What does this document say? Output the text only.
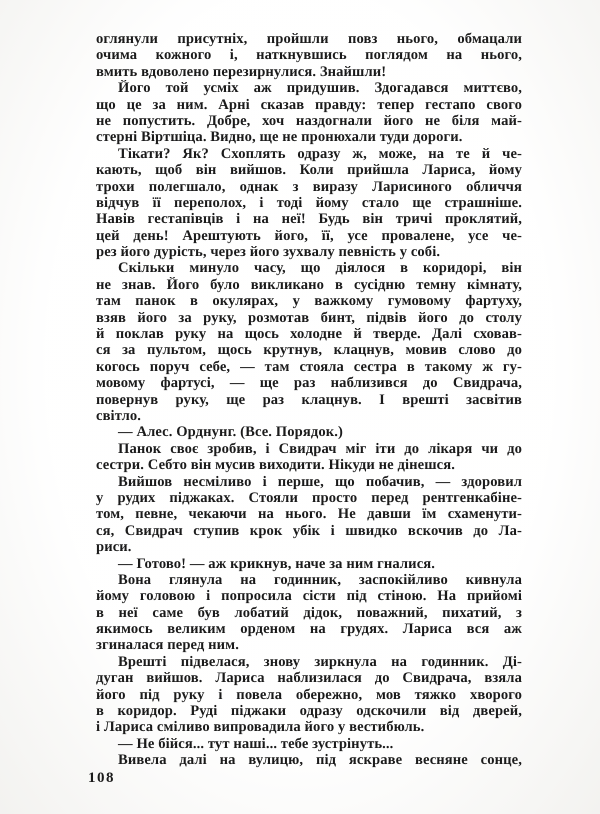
оглянули присутніх, пройшли повз нього, обмацали
очима кожного і, наткнувшись поглядом на нього,
вмить вдоволено перезирнулися. Знайшли!
Його той усміх аж придушив. Здогадався миттєво,
що це за ним. Арні сказав правду: тепер гестапо свого
не попустить. Добре, хоч наздогнали його не біля май-
стерні Віртшіца. Видно, ще не пронюхали туди дороги.
Тікати? Як? Схоплять одразу ж, може, на те й че-
кають, щоб він вийшов. Коли прийшла Лариса, йому
трохи полегшало, однак з виразу Ларисиного обличчя
відчув її переполох, і тоді йому стало ще страшніше.
Навів гестапівців і на неї! Будь він тричі проклятий,
цей день! Арештують його, її, усе провалене, усе че-
рез його дурість, через його зухвалу певність у собі.
Скільки минуло часу, що діялося в коридорі, він
не знав. Його було викликано в сусідню темну кімнату,
там панок в окулярах, у важкому гумовому фартуху,
взяв його за руку, розмотав бинт, підвів його до столу
й поклав руку на щось холодне й тверде. Далі сховав-
ся за пультом, щось крутнув, клацнув, мовив слово до
когось поруч себе, — там стояла сестра в такому ж гу-
мовому фартусі, — ще раз наблизився до Свидрача,
повернув руку, ще раз клацнув. І врешті засвітив
світло.
— Алес. Орднунг. (Все. Порядок.)
Панок своє зробив, і Свидрач міг іти до лікаря чи до
сестри. Себто він мусив виходити. Нікуди не дінешся.
Вийшов несміливо і перше, що побачив, — здоровил
у рудих піджаках. Стояли просто перед рентгенкабіне-
том, певне, чекаючи на нього. Не давши їм схаменути-
ся, Свидрач ступив крок убік і швидко вскочив до Ла-
риси.
— Готово! — аж крикнув, наче за ним гналися.
Вона глянула на годинник, заспокійливо кивнула
йому головою і попросила сісти під стіною. На прийомі
в неї саме був лобатий дідок, поважний, пихатий, з
якимось великим орденом на грудях. Лариса вся аж
згиналася перед ним.
Врешті підвелася, знову зиркнула на годинник. Ді-
дуган вийшов. Лариса наблизилася до Свидрача, взяла
його під руку і повела обережно, мов тяжко хворого
в коридор. Руді піджаки одразу одскочили від дверей,
і Лариса сміливо випровадила його у вестибюль.
— Не бійся... тут наші... тебе зустрінуть...
Вивела далі на вулицю, під яскраве весняне сонце,
108
